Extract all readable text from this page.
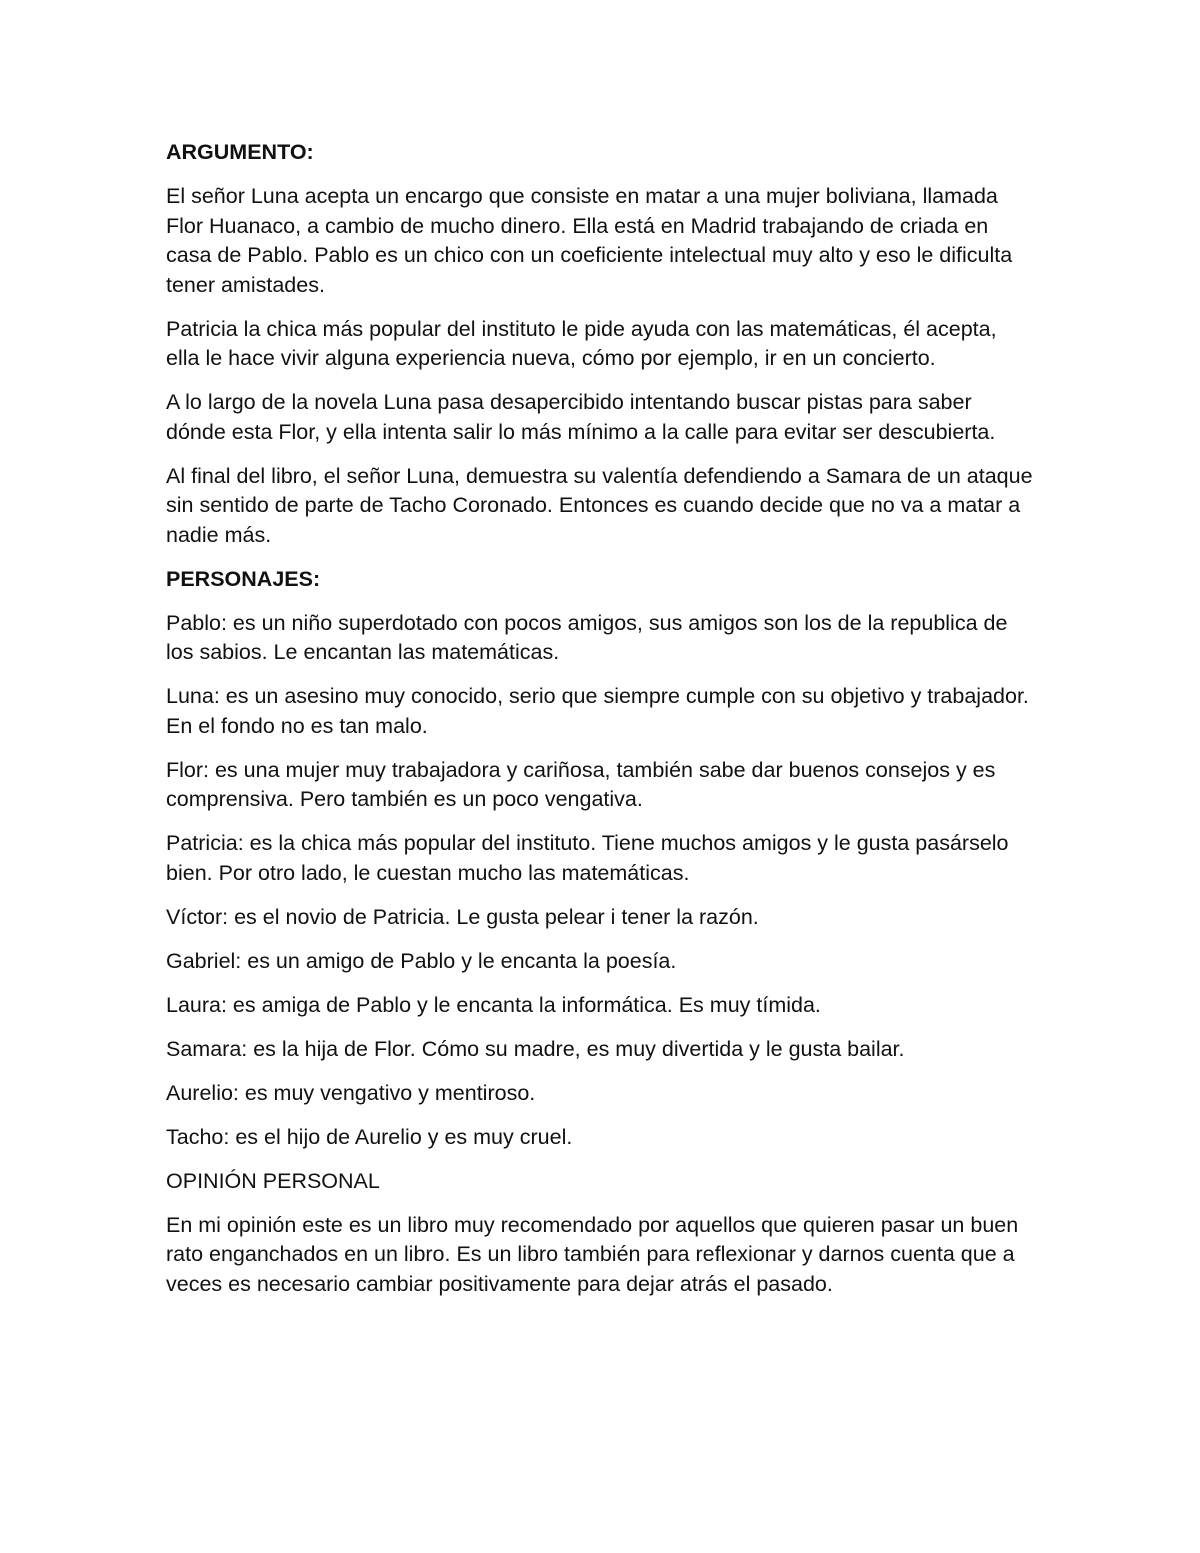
ARGUMENTO:

El señor Luna acepta un encargo que consiste en matar a una mujer boliviana, llamada Flor Huanaco, a cambio de mucho dinero. Ella está en Madrid trabajando de criada en casa de Pablo. Pablo es un chico con un coeficiente intelectual muy alto y eso le dificulta tener amistades.

Patricia la chica más popular del instituto le pide ayuda con las matemáticas, él acepta, ella le hace vivir alguna experiencia nueva, cómo por ejemplo, ir en un concierto.

A lo largo de la novela Luna pasa desapercibido intentando buscar pistas para saber dónde esta Flor, y ella intenta salir lo más mínimo a la calle para evitar ser descubierta.

Al final del libro, el señor Luna, demuestra su valentía defendiendo a Samara de un ataque sin sentido de parte de Tacho Coronado. Entonces es cuando decide que no va a matar a nadie más.

PERSONAJES:

Pablo: es un niño superdotado con pocos amigos, sus amigos son los de la republica de los sabios. Le encantan las matemáticas.

Luna: es un asesino muy conocido, serio que siempre cumple con su objetivo y trabajador. En el fondo no es tan malo.

Flor: es una mujer muy trabajadora y cariñosa, también sabe dar buenos consejos y es comprensiva. Pero también es un poco vengativa.

Patricia: es la chica más popular del instituto. Tiene muchos amigos y le gusta pasárselo bien. Por otro lado, le cuestan mucho las matemáticas.

Víctor: es el novio de Patricia. Le gusta pelear i tener la razón.

Gabriel: es un amigo de Pablo y le encanta la poesía.

Laura: es amiga de Pablo y le encanta la informática. Es muy tímida.

Samara: es la hija de Flor. Cómo su madre, es muy divertida y le gusta bailar.

Aurelio: es muy vengativo y mentiroso.

Tacho: es el hijo de Aurelio y es muy cruel.

OPINIÓN PERSONAL

En mi opinión este es un libro muy recomendado por aquellos que quieren pasar un buen rato enganchados en un libro. Es un libro también para reflexionar y darnos cuenta que a veces es necesario cambiar positivamente para dejar atrás el pasado.
